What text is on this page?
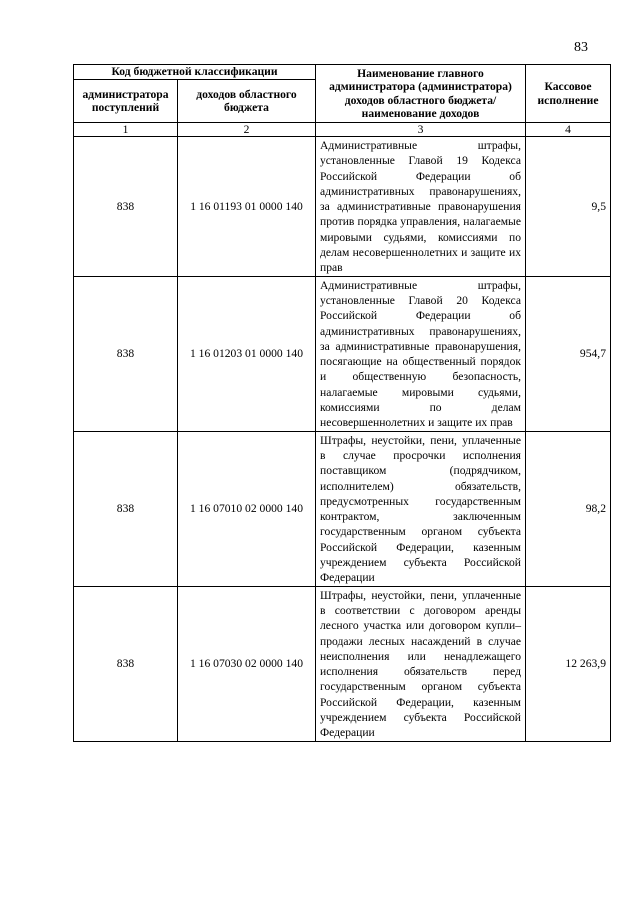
83
Код бюджетной классификации		Наименование главного администратора (администратора) доходов областного бюджета/ наименование доходов	Кассовое исполнение
администратора поступлений	доходов областного бюджета		
1	2	3	4
838	1 16 01193 01 0000 140	Административные штрафы, установленные Главой 19 Кодекса Российской Федерации об административных правонарушениях, за административные правонарушения против порядка управления, налагаемые мировыми судьями, комиссиями по делам несовершеннолетних и защите их прав	9,5
838	1 16 01203 01 0000 140	Административные штрафы, установленные Главой 20 Кодекса Российской Федерации об административных правонарушениях, за административные правонарушения, посягающие на общественный порядок и общественную безопасность, налагаемые мировыми судьями, комиссиями по делам несовершеннолетних и защите их прав	954,7
838	1 16 07010 02 0000 140	Штрафы, неустойки, пени, уплаченные в случае просрочки исполнения поставщиком (подрядчиком, исполнителем) обязательств, предусмотренных государственным контрактом, заключенным государственным органом субъекта Российской Федерации, казенным учреждением субъекта Российской Федерации	98,2
838	1 16 07030 02 0000 140	Штрафы, неустойки, пени, уплаченные в соответствии с договором аренды лесного участка или договором купли–продажи лесных насаждений в случае неисполнения или ненадлежащего исполнения обязательств перед государственным органом субъекта Российской Федерации, казенным учреждением субъекта Российской Федерации	12 263,9
